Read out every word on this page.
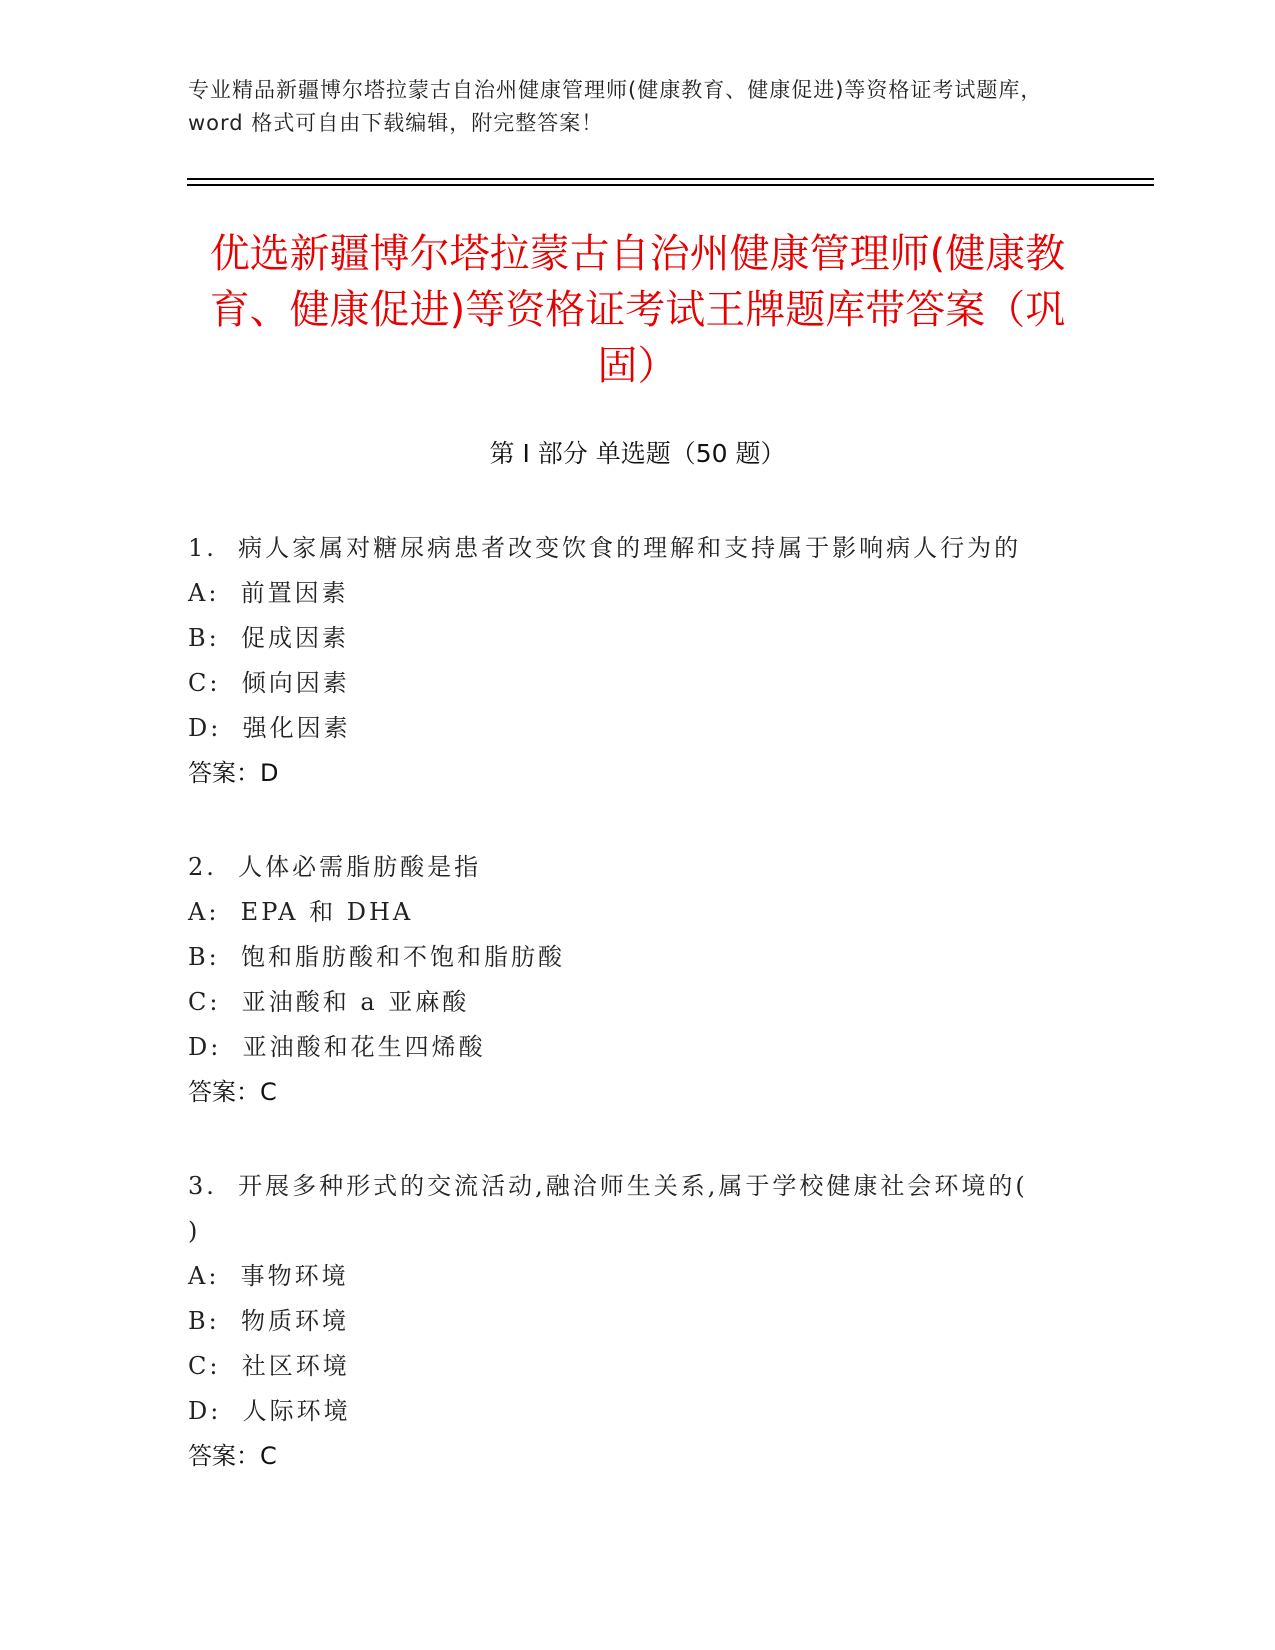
专业精品新疆博尔塔拉蒙古自治州健康管理师(健康教育、健康促进)等资格证考试题库，word 格式可自由下载编辑，附完整答案！
优选新疆博尔塔拉蒙古自治州健康管理师(健康教育、健康促进)等资格证考试王牌题库带答案（巩固）
第 I 部分 单选题（50 题）
1.  病人家属对糖尿病患者改变饮食的理解和支持属于影响病人行为的
A:  前置因素
B:  促成因素
C:  倾向因素
D:  强化因素
答案：D
2.  人体必需脂肪酸是指
A:  EPA 和 DHA
B:  饱和脂肪酸和不饱和脂肪酸
C:  亚油酸和 a 亚麻酸
D:  亚油酸和花生四烯酸
答案：C
3.  开展多种形式的交流活动,融洽师生关系,属于学校健康社会环境的(      )
A:  事物环境
B:  物质环境
C:  社区环境
D:  人际环境
答案：C
